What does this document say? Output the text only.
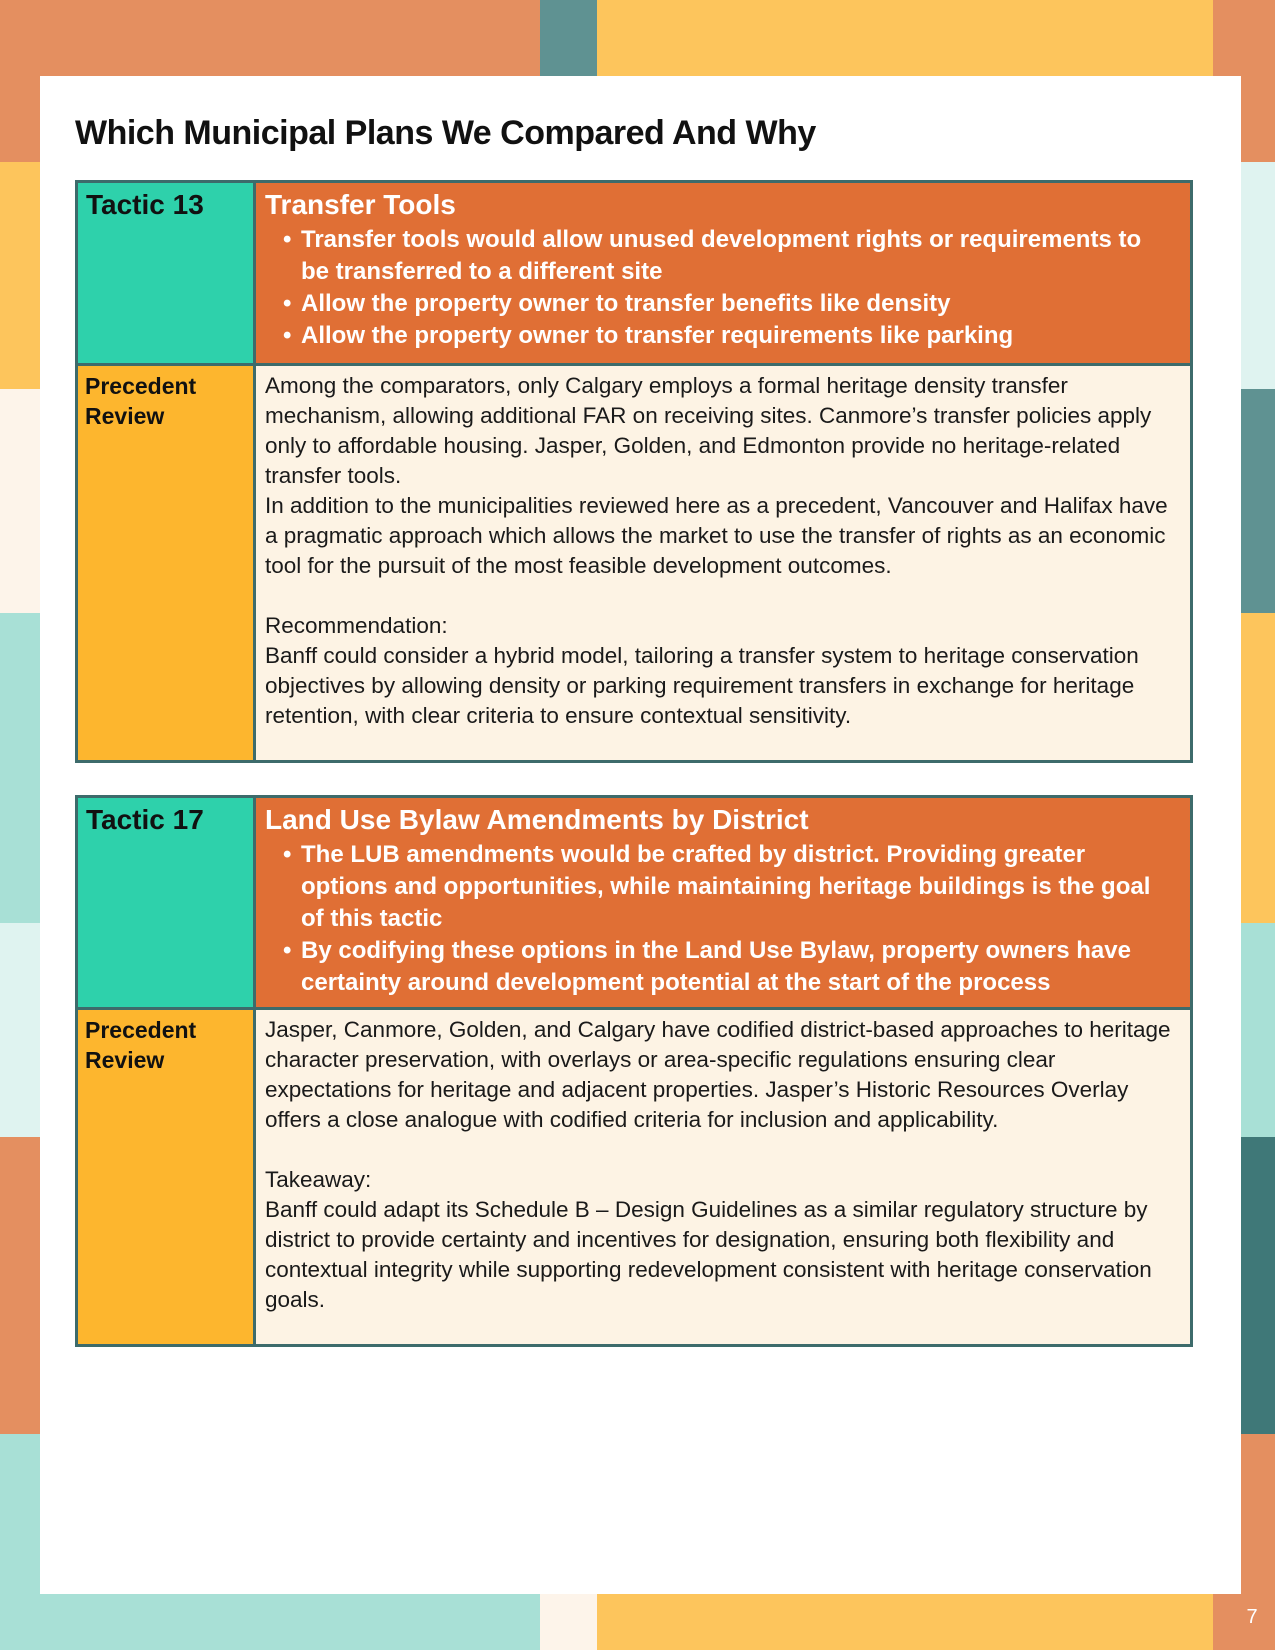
Which Municipal Plans We Compared And Why
Tactic 13	Transfer Tools
• Transfer tools would allow unused development rights or requirements to be transferred to a different site
• Allow the property owner to transfer benefits like density
• Allow the property owner to transfer requirements like parking
Precedent Review

Among the comparators, only Calgary employs a formal heritage density transfer mechanism, allowing additional FAR on receiving sites. Canmore’s transfer policies apply only to affordable housing. Jasper, Golden, and Edmonton provide no heritage-related transfer tools.

In addition to the municipalities reviewed here as a precedent, Vancouver and Halifax have a pragmatic approach which allows the market to use the transfer of rights as an economic tool for the pursuit of the most feasible development outcomes.

Recommendation:

Banff could consider a hybrid model, tailoring a transfer system to heritage conservation objectives by allowing density or parking requirement transfers in exchange for heritage retention, with clear criteria to ensure contextual sensitivity.

Tactic 17	Land Use Bylaw Amendments by District
• The LUB amendments would be crafted by district. Providing greater options and opportunities, while maintaining heritage buildings is the goal of this tactic
• By codifying these options in the Land Use Bylaw, property owners have certainty around development potential at the start of the process
Precedent Review

Jasper, Canmore, Golden, and Calgary have codified district-based approaches to heritage character preservation, with overlays or area-specific regulations ensuring clear expectations for heritage and adjacent properties. Jasper’s Historic Resources Overlay offers a close analogue with codified criteria for inclusion and applicability.

Takeaway:

Banff could adapt its Schedule B – Design Guidelines as a similar regulatory structure by district to provide certainty and incentives for designation, ensuring both flexibility and contextual integrity while supporting redevelopment consistent with heritage conservation goals.

7
